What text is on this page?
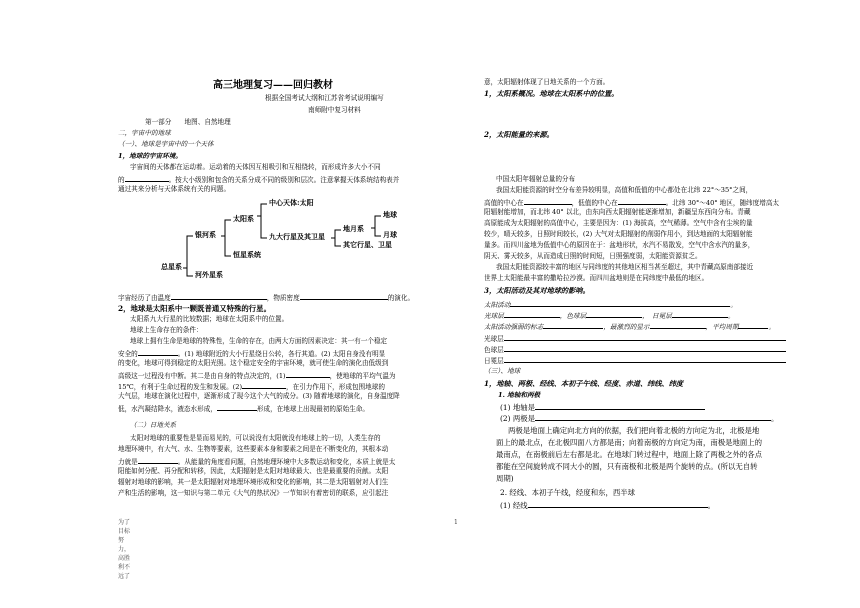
高三地理复习——回归教材
根据全国考试大纲和江苏省考试说明编写
南师附中复习材料
第一部分　　地图、自然地理
二，宇宙中的地球
（一）、地球是宇宙中的一个天体
1，地球的宇宙环境。
宇宙间的天体都在运动着。运动着的天体因互相吸引和互相绕转，而形成许多大小不同
的	。按大小级别和包含的关系分成不同的级别和层次。注意掌握天体系统结构表并
通过其来分析与天体系统有关的问题。
总星系
银河系
河外星系
太阳系
恒星系统
中心天体:太阳
九大行星及其卫星
地月系
地球
月球
其它行星、卫星
宇宙经历了由温度	，物质密度	的演化。
2，地球是太阳系中一颗既普通又特殊的行星。
太阳系九大行星的比较数据；地球在太阳系中的位置。
地球上生命存在的条件：
地球上拥有生命是地球的特殊性，生命的存在，由两大方面的因素决定：其一有一个稳定
安全的	。(1) 地球附近的大小行星绕日公转，各行其道。(2) 太阳自身没有明显
的变化，地球可得到稳定的太阳光照。这个稳定安全的宇宙环境，就可使生命的演化由低级到
高级这一过程没有中断。其二是由自身的特点决定的，(1)	，使地球的平均气温为
15℃，有利于生命过程的发生和发展。(2)	，在引力作用下，形成包围地球的
大气层，地球在演化过程中，逐渐形成了现今这个大气的成分。(3) 随着地球的演化，自身温度降
低，水汽凝结降水，液态水形成，	形成，在地球上出现最初的原始生命。
（二）日地关系
太阳对地球的重要性是显而易见的，可以说没有太阳就没有地球上的一切，人类生存的
地理环境中，有大气、水、生物等要素，这些要素本身和要素之间是在不断变化的，其根本动
力就是	。从能量的角度看问题，自然地理环境中大多数运动和变化，本质上就是太
阳能如何分配、再分配和转移，因此，太阳辐射是太阳对地球最大、也是最重要的贡献。太阳
辐射对地球的影响，其一是太阳辐射对地理环境形成和变化的影响，其二是太阳辐射对人们生
产和生活的影响，这一知识与第二单元《大气的热状况》一节知识有着密切的联系，应引起注
为了目标努力，高胜利不远了
1
意，太阳辐射体现了日地关系的一个方面。
1，太阳系概况。地球在太阳系中的位置。
2，太阳能量的来源。
中国太阳年辐射总量的分布
我国太阳能资源的时空分布差异较明显，高值和低值的中心都处在北纬 22°～35°之间，
高值的中心在	，低值的中心在	。北纬 30°～40° 地区，随纬度增高太
阳辐射能增加，而北纬 40° 以北，由东向西太阳辐射能逐渐增加，新疆呈东西向分布。青藏
高原能成为太阳辐射的高值中心，主要是因为：(1) 海拔高，空气稀薄。空气中含有尘埃的量
较少，晴天较多，日照时间较长，(2) 大气对太阳辐射的削弱作用小，到达地面的太阳辐射能
量多。而四川盆地为低值中心的原因在于：盆地形状，水汽不易散发，空气中含水汽的量多，
阴天、雾天较多，从而造成日照的时间短，日照强度弱，太阳能资源贫乏。
我国太阳能资源较丰富的地区与同纬度的其他地区相当甚至超过，其中青藏高原南部接近
世界上太阳能最丰富的撒哈拉沙漠。而四川盆地则是在同纬度中最低的地区。
3，太阳活动及其对地球的影响。
太阳活动	。
光球层	，色球层	，　日冕层	。
太阳活动强弱的标志	，最激烈的显示	，平均周期	。
光球层
色球层
日冕层
（三）、地球
1，地轴、两极、经线、本初子午线、经度、赤道、纬线、纬度
1. 地轴和两极
(1) 地轴是
(2) 两极是	。
两极是地面上确定向北方向的依据，我们把向着北极的方向定为北，北极是地
面上的最北点，在北极四面八方都是南；向着南极的方向定为南，南极是地面上的
最南点，在南极前后左右都是北。在地球门转过程中，地面上除了两极之外的各点
都能在空间旋转成不同大小的圆，只有南极和北极是两个旋转的点。(所以无自转
周期)
2. 经线、本初子午线，经度和东，西半球
(1) 经线	。
